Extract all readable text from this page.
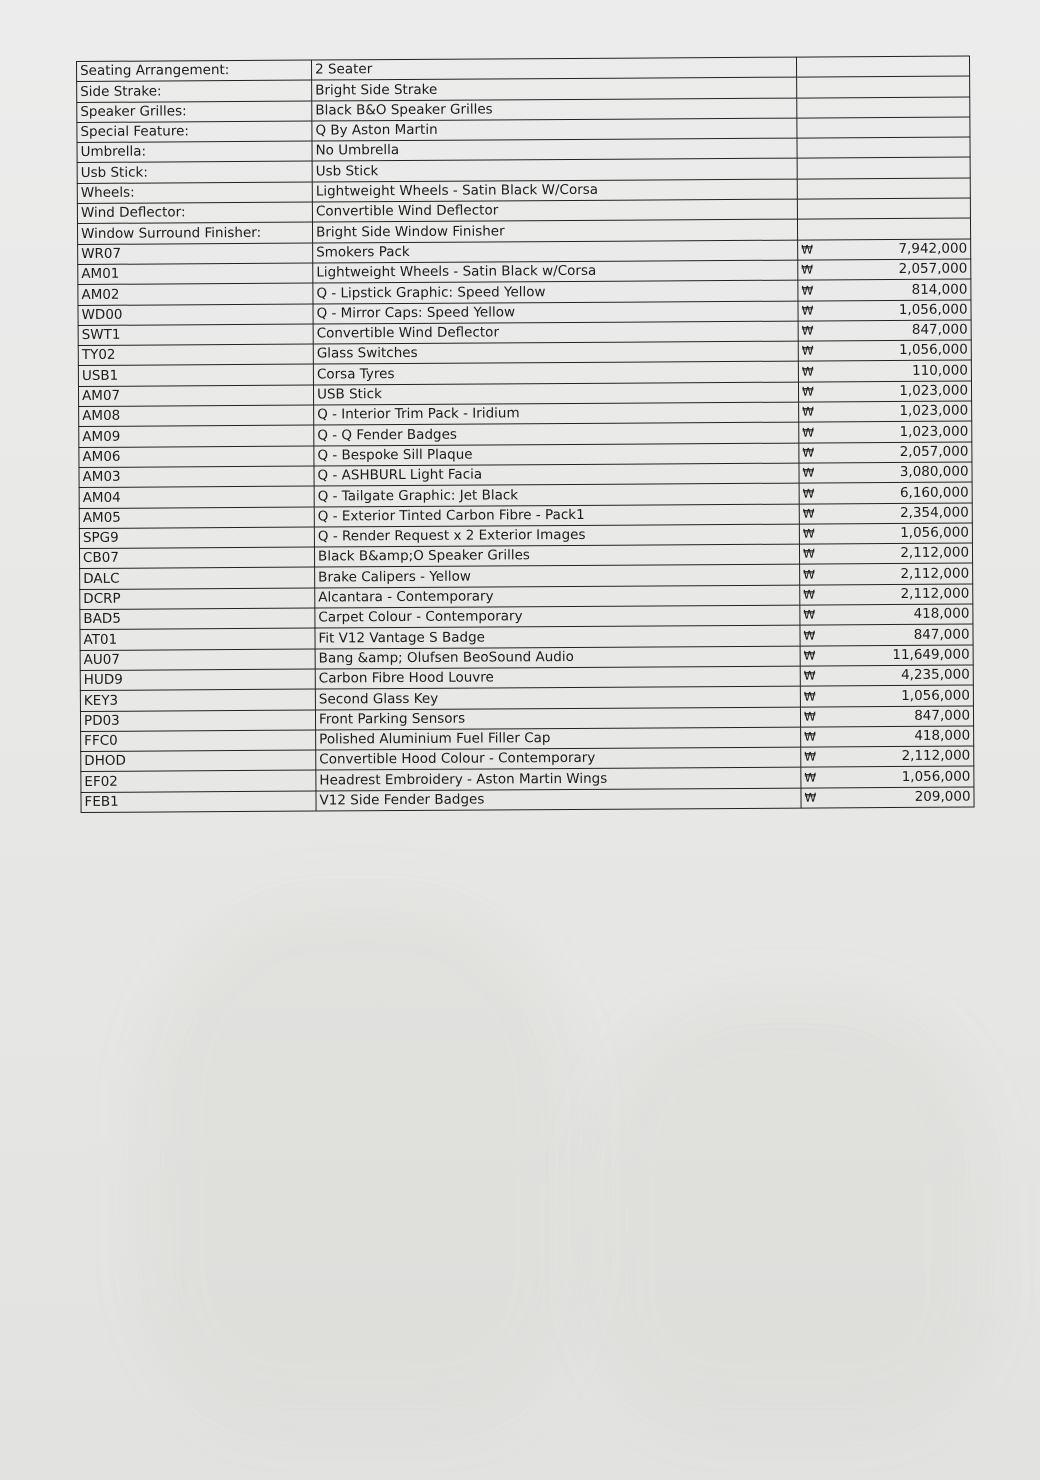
Seating Arrangement:	2 Seater	

Side Strake:	Bright Side Strake	

Speaker Grilles:	Black B&O Speaker Grilles	

Special Feature:	Q By Aston Martin	

Umbrella:	No Umbrella	

Usb Stick:	Usb Stick	

Wheels:	Lightweight Wheels - Satin Black W/Corsa	

Wind Deflector:	Convertible Wind Deflector	

Window Surround Finisher:	Bright Side Window Finisher	

WR07	Smokers Pack	₩ 7,942,000

AM01	Lightweight Wheels - Satin Black w/Corsa	₩ 2,057,000

AM02	Q - Lipstick Graphic: Speed Yellow	₩ 814,000

WD00	Q - Mirror Caps: Speed Yellow	₩ 1,056,000

SWT1	Convertible Wind Deflector	₩ 847,000

TY02	Glass Switches	₩ 1,056,000

USB1	Corsa Tyres	₩ 110,000

AM07	USB Stick	₩ 1,023,000

AM08	Q - Interior Trim Pack - Iridium	₩ 1,023,000

AM09	Q - Q Fender Badges	₩ 1,023,000

AM06	Q - Bespoke Sill Plaque	₩ 2,057,000

AM03	Q - ASHBURL Light Facia	₩ 3,080,000

AM04	Q - Tailgate Graphic: Jet Black	₩ 6,160,000

AM05	Q - Exterior Tinted Carbon Fibre - Pack1	₩ 2,354,000

SPG9	Q - Render Request x 2 Exterior Images	₩ 1,056,000

CB07	Black B&amp;O Speaker Grilles	₩ 2,112,000

DALC	Brake Calipers - Yellow	₩ 2,112,000

DCRP	Alcantara - Contemporary	₩ 2,112,000

BAD5	Carpet Colour - Contemporary	₩ 418,000

AT01	Fit V12 Vantage S Badge	₩ 847,000

AU07	Bang &amp; Olufsen BeoSound Audio	₩ 11,649,000

HUD9	Carbon Fibre Hood Louvre	₩ 4,235,000

KEY3	Second Glass Key	₩ 1,056,000

PD03	Front Parking Sensors	₩ 847,000

FFC0	Polished Aluminium Fuel Filler Cap	₩ 418,000

DHOD	Convertible Hood Colour - Contemporary	₩ 2,112,000

EF02	Headrest Embroidery - Aston Martin Wings	₩ 1,056,000

FEB1	V12 Side Fender Badges	₩ 209,000
